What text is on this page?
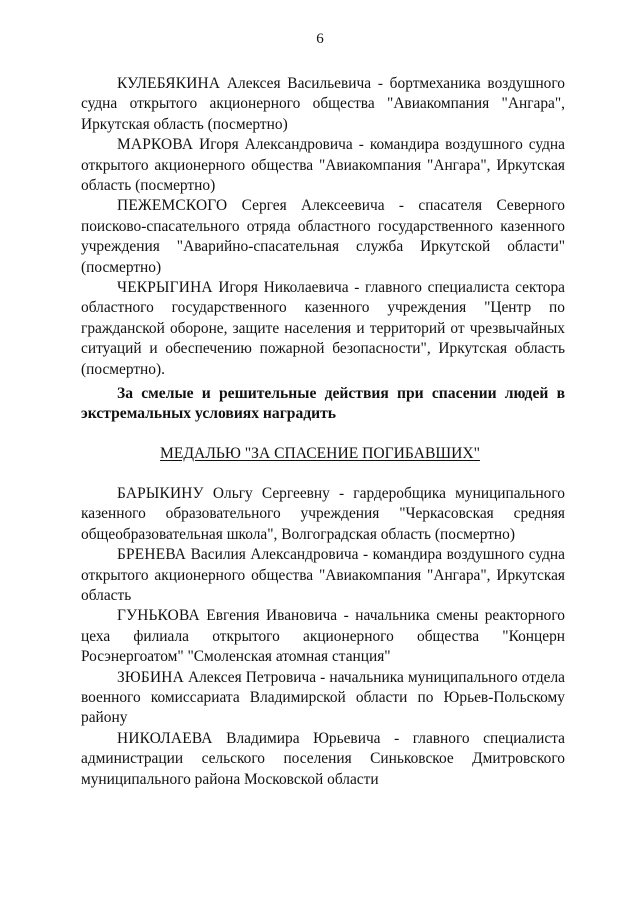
6

КУЛЕБЯКИНА Алексея Васильевича - бортмеханика воздушного судна открытого акционерного общества "Авиакомпания "Ангара", Иркутская область (посмертно)

МАРКОВА Игоря Александровича - командира воздушного судна открытого акционерного общества "Авиакомпания "Ангара", Иркутская область (посмертно)

ПЕЖЕМСКОГО Сергея Алексеевича - спасателя Северного поисково-спасательного отряда областного государственного казенного учреждения "Аварийно-спасательная служба Иркутской области" (посмертно)

ЧЕКРЫГИНА Игоря Николаевича - главного специалиста сектора областного государственного казенного учреждения "Центр по гражданской обороне, защите населения и территорий от чрезвычайных ситуаций и обеспечению пожарной безопасности", Иркутская область (посмертно).

За смелые и решительные действия при спасении людей в экстремальных условиях наградить

МЕДАЛЬЮ "ЗА СПАСЕНИЕ ПОГИБАВШИХ"

БАРЫКИНУ Ольгу Сергеевну - гардеробщика муниципального казенного образовательного учреждения "Черкасовская средняя общеобразовательная школа", Волгоградская область (посмертно)

БРЕНЕВА Василия Александровича - командира воздушного судна открытого акционерного общества "Авиакомпания "Ангара", Иркутская область

ГУНЬКОВА Евгения Ивановича - начальника смены реакторного цеха филиала открытого акционерного общества "Концерн Росэнергоатом" "Смоленская атомная станция"

ЗЮБИНА Алексея Петровича - начальника муниципального отдела военного комиссариата Владимирской области по Юрьев-Польскому району

НИКОЛАЕВА Владимира Юрьевича - главного специалиста администрации сельского поселения Синьковское Дмитровского муниципального района Московской области
